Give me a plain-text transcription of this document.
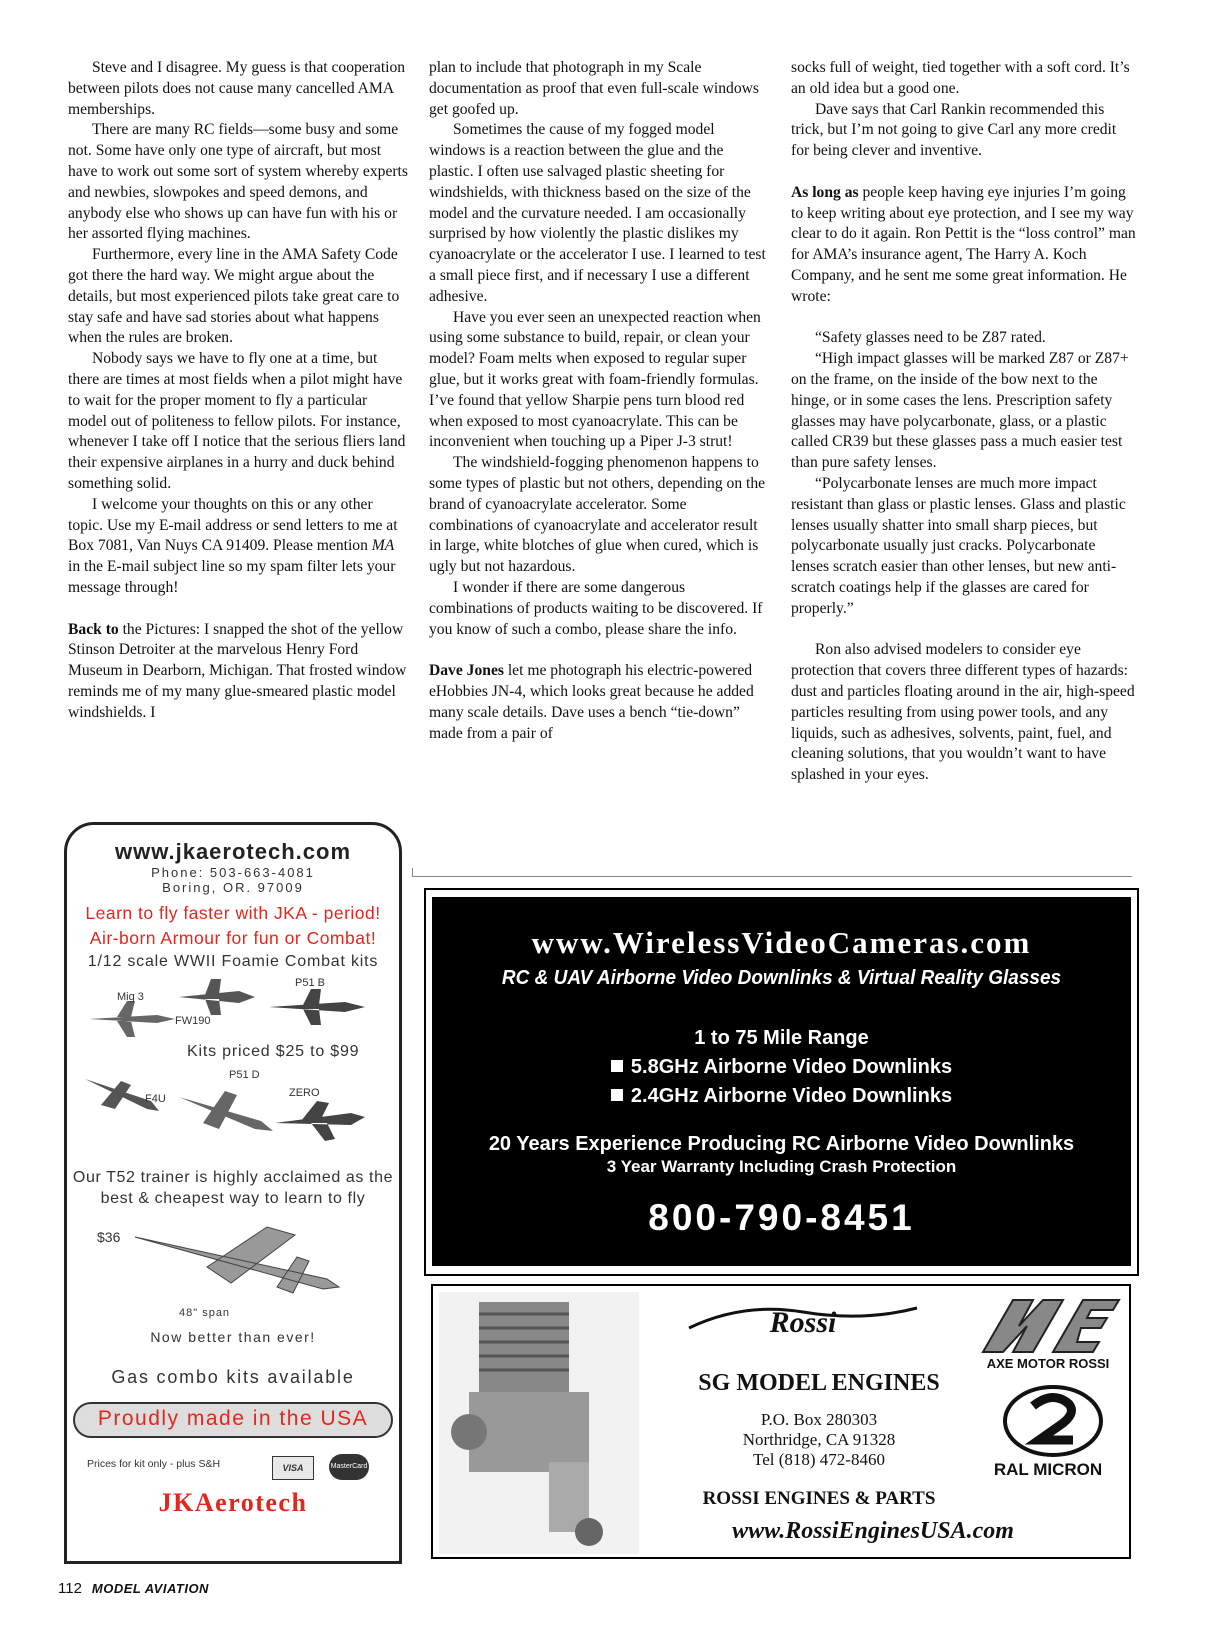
Steve and I disagree. My guess is that cooperation between pilots does not cause many cancelled AMA memberships.

There are many RC fields—some busy and some not. Some have only one type of aircraft, but most have to work out some sort of system whereby experts and newbies, slowpokes and speed demons, and anybody else who shows up can have fun with his or her assorted flying machines.

Furthermore, every line in the AMA Safety Code got there the hard way. We might argue about the details, but most experienced pilots take great care to stay safe and have sad stories about what happens when the rules are broken.

Nobody says we have to fly one at a time, but there are times at most fields when a pilot might have to wait for the proper moment to fly a particular model out of politeness to fellow pilots. For instance, whenever I take off I notice that the serious fliers land their expensive airplanes in a hurry and duck behind something solid.

I welcome your thoughts on this or any other topic. Use my E-mail address or send letters to me at Box 7081, Van Nuys CA 91409. Please mention MA in the E-mail subject line so my spam filter lets your message through!

Back to the Pictures: I snapped the shot of the yellow Stinson Detroiter at the marvelous Henry Ford Museum in Dearborn, Michigan. That frosted window reminds me of my many glue-smeared plastic model windshields. I

plan to include that photograph in my Scale documentation as proof that even full-scale windows get goofed up.

Sometimes the cause of my fogged model windows is a reaction between the glue and the plastic. I often use salvaged plastic sheeting for windshields, with thickness based on the size of the model and the curvature needed. I am occasionally surprised by how violently the plastic dislikes my cyanoacrylate or the accelerator I use. I learned to test a small piece first, and if necessary I use a different adhesive.

Have you ever seen an unexpected reaction when using some substance to build, repair, or clean your model? Foam melts when exposed to regular super glue, but it works great with foam-friendly formulas. I’ve found that yellow Sharpie pens turn blood red when exposed to most cyanoacrylate. This can be inconvenient when touching up a Piper J-3 strut!

The windshield-fogging phenomenon happens to some types of plastic but not others, depending on the brand of cyanoacrylate accelerator. Some combinations of cyanoacrylate and accelerator result in large, white blotches of glue when cured, which is ugly but not hazardous.

I wonder if there are some dangerous combinations of products waiting to be discovered. If you know of such a combo, please share the info.

Dave Jones let me photograph his electric-powered eHobbies JN-4, which looks great because he added many scale details. Dave uses a bench “tie-down” made from a pair of

socks full of weight, tied together with a soft cord. It’s an old idea but a good one.

Dave says that Carl Rankin recommended this trick, but I’m not going to give Carl any more credit for being clever and inventive.

As long as people keep having eye injuries I’m going to keep writing about eye protection, and I see my way clear to do it again. Ron Pettit is the “loss control” man for AMA’s insurance agent, The Harry A. Koch Company, and he sent me some great information. He wrote:

“Safety glasses need to be Z87 rated.

“High impact glasses will be marked Z87 or Z87+ on the frame, on the inside of the bow next to the hinge, or in some cases the lens. Prescription safety glasses may have polycarbonate, glass, or a plastic called CR39 but these glasses pass a much easier test than pure safety lenses.

“Polycarbonate lenses are much more impact resistant than glass or plastic lenses. Glass and plastic lenses usually shatter into small sharp pieces, but polycarbonate usually just cracks. Polycarbonate lenses scratch easier than other lenses, but new anti-scratch coatings help if the glasses are cared for properly.”

Ron also advised modelers to consider eye protection that covers three different types of hazards: dust and particles floating around in the air, high-speed particles resulting from using power tools, and any liquids, such as adhesives, solvents, paint, fuel, and cleaning solutions, that you wouldn’t want to have splashed in your eyes.

www.jkaerotech.com
Phone: 503-663-4081
Boring, OR. 97009
Learn to fly faster with JKA - period!
Air-born Armour for fun or Combat!
1/12 scale WWII Foamie Combat kits
Mig 3
FW190
P51 B
F4U
Kits priced $25 to $99
P51 D
ZERO
Our T52 trainer is highly acclaimed as the best & cheapest way to learn to fly
$36
48" span
Now better than ever!
Gas combo kits available
Proudly made in the USA
Prices for kit only - plus S&H	VISA	MasterCard
JKAerotech
www.WirelessVideoCameras.com
RC & UAV Airborne Video Downlinks & Virtual Reality Glasses
1 to 75 Mile Range
5.8GHz Airborne Video Downlinks
2.4GHz Airborne Video Downlinks
20 Years Experience Producing RC Airborne Video Downlinks
3 Year Warranty Including Crash Protection
800-790-8451
Rossi
SG MODEL ENGINES
P.O. Box 280303
Northridge, CA 91328
Tel (818) 472-8460
ROSSI ENGINES & PARTS
www.RossiEnginesUSA.com
AXE MOTOR ROSSI
RAL MICRON
112 MODEL AVIATION
